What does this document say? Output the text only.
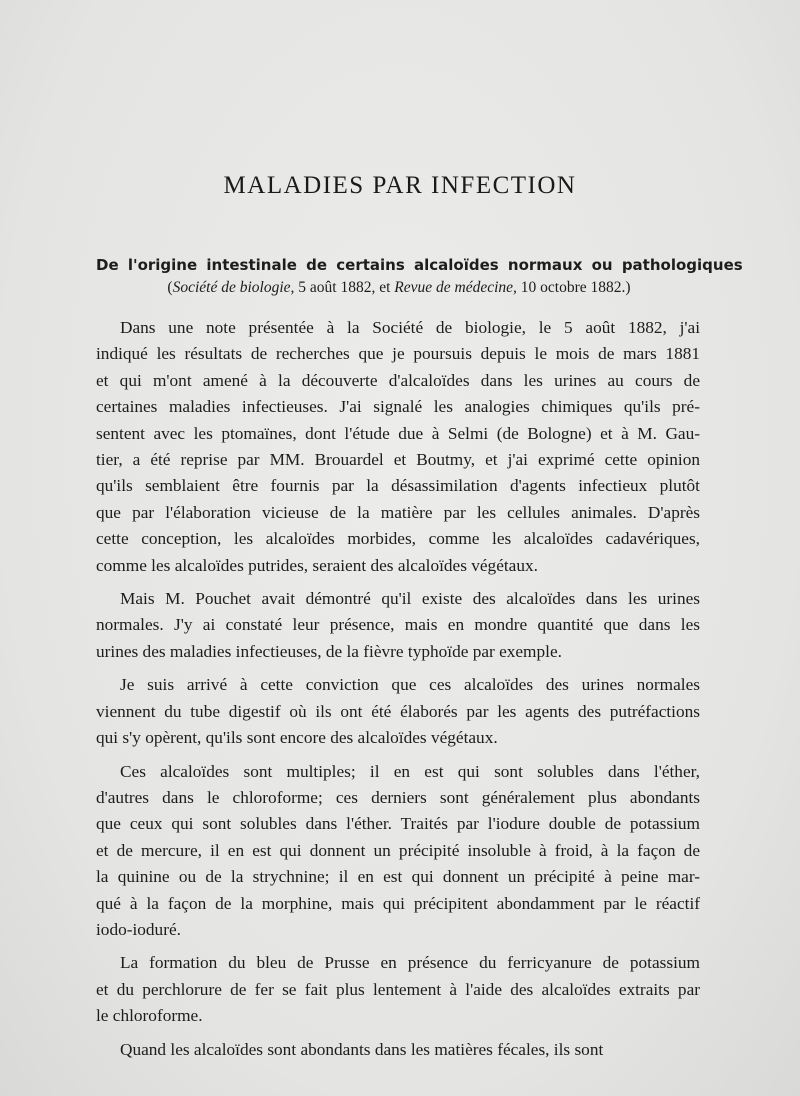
MALADIES PAR INFECTION
De l'origine intestinale de certains alcaloïdes normaux ou pathologiques
(Société de biologie, 5 août 1882, et Revue de médecine, 10 octobre 1882.)
Dans une note présentée à la Société de biologie, le 5 août 1882, j'ai
indiqué les résultats de recherches que je poursuis depuis le mois de mars 1881
et qui m'ont amené à la découverte d'alcaloïdes dans les urines au cours de
certaines maladies infectieuses. J'ai signalé les analogies chimiques qu'ils pré-
sentent avec les ptomaïnes, dont l'étude due à Selmi (de Bologne) et à M. Gau-
tier, a été reprise par MM. Brouardel et Boutmy, et j'ai exprimé cette opinion
qu'ils semblaient être fournis par la désassimilation d'agents infectieux plutôt
que par l'élaboration vicieuse de la matière par les cellules animales. D'après
cette conception, les alcaloïdes morbides, comme les alcaloïdes cadavériques,
comme les alcaloïdes putrides, seraient des alcaloïdes végétaux.
Mais M. Pouchet avait démontré qu'il existe des alcaloïdes dans les urines
normales. J'y ai constaté leur présence, mais en mondre quantité que dans les
urines des maladies infectieuses, de la fièvre typhoïde par exemple.
Je suis arrivé à cette conviction que ces alcaloïdes des urines normales
viennent du tube digestif où ils ont été élaborés par les agents des putréfactions
qui s'y opèrent, qu'ils sont encore des alcaloïdes végétaux.
Ces alcaloïdes sont multiples; il en est qui sont solubles dans l'éther,
d'autres dans le chloroforme; ces derniers sont généralement plus abondants
que ceux qui sont solubles dans l'éther. Traités par l'iodure double de potassium
et de mercure, il en est qui donnent un précipité insoluble à froid, à la façon de
la quinine ou de la strychnine; il en est qui donnent un précipité à peine mar-
qué à la façon de la morphine, mais qui précipitent abondamment par le réactif
iodo-ioduré.
La formation du bleu de Prusse en présence du ferricyanure de potassium
et du perchlorure de fer se fait plus lentement à l'aide des alcaloïdes extraits par
le chloroforme.
Quand les alcaloïdes sont abondants dans les matières fécales, ils sont
